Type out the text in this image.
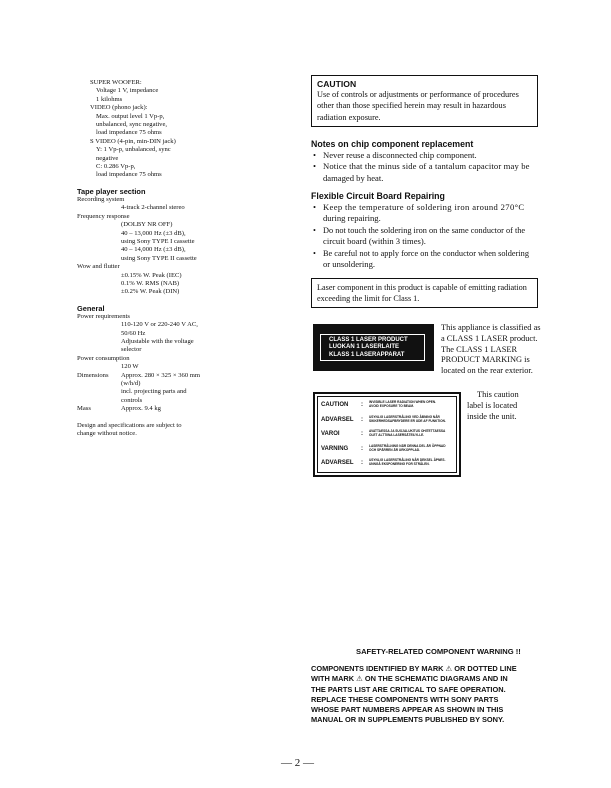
SUPER WOOFER:
Voltage 1 V, impedance
1 kilohms
VIDEO (phono jack):
Max. output level 1 Vp-p,
unbalanced, sync negative,
load impedance 75 ohms
S VIDEO (4-pin, min-DIN jack)
Y: 1 Vp-p, unbalanced, sync
negative
C: 0.286 Vp-p,
load impedance 75 ohms
Tape player section
Recording system
4-track 2-channel stereo
Frequency response
(DOLBY NR OFF)
40 – 13,000 Hz (±3 dB),
using Sony TYPE I cassette
40 – 14,000 Hz (±3 dB),
using Sony TYPE II cassette
Wow and flutter
±0.15% W. Peak (IEC)
0.1% W. RMS (NAB)
±0.2% W. Peak (DIN)
General
Power requirements
110-120 V or 220-240 V AC,
50/60 Hz
Adjustable with the voltage
selector
Power consumption
120 W
Dimensions Approx. 280 × 325 × 360 mm
(w/h/d)
incl. projecting parts and
controls
Mass	Approx. 9.4 kg
Design and specifications are subject to
change without notice.
CAUTION
Use of controls or adjustments or performance of procedures
other than those specified herein may result in hazardous
radiation exposure.
Notes on chip component replacement
• Never reuse a disconnected chip component.
• Notice that the minus side of a tantalum capacitor may be
damaged by heat.
Flexible Circuit Board Repairing
• Keep the temperature of soldering iron around 270°C
during repairing.
• Do not touch the soldering iron on the same conductor of the
circuit board (within 3 times).
• Be careful not to apply force on the conductor when soldering
or unsoldering.
Laser component in this product is capable of emitting radiation
exceeding the limit for Class 1.
CLASS 1 LASER PRODUCT
LUOKAN 1 LASERLAITE
KLASS 1 LASERAPPARAT
This appliance is classified as
a CLASS 1 LASER product.
The CLASS 1 LASER
PRODUCT MARKING is
located on the rear exterior.
CAUTION : INVISIBLE LASER RADIATION WHEN OPEN.
AVOID EXPOSURE TO BEAM.
ADVARSEL : USYNLIG LASERSTRÅLING VED ÅBNING NÅR
SIKKERHEDSAFBRYDERE ER UDE AF FUNKTION.
VAROI	: AVATTAESSA JA SUOJALUKITUS OHITETTAESSA
OLET ALTTIINA LASERSÄTEILYLLE.
VARNING : LASERSTRÅLNING NÄR DENNA DEL ÄR ÖPPNAD
OCH SPÄRREN ÄR URKOPPLAD.
ADVARSEL : USYNLIG LASERSTRÅLING NÅR DEKSEL ÅPNES.
UNNGÅ EKSPONERING FOR STRÅLEN.
This caution
label is located
inside the unit.
SAFETY-RELATED COMPONENT WARNING !!
COMPONENTS IDENTIFIED BY MARK ⚠ OR DOTTED LINE
WITH MARK ⚠ ON THE SCHEMATIC DIAGRAMS AND IN
THE PARTS LIST ARE CRITICAL TO SAFE OPERATION.
REPLACE THESE COMPONENTS WITH SONY PARTS
WHOSE PART NUMBERS APPEAR AS SHOWN IN THIS
MANUAL OR IN SUPPLEMENTS PUBLISHED BY SONY.
— 2 —
